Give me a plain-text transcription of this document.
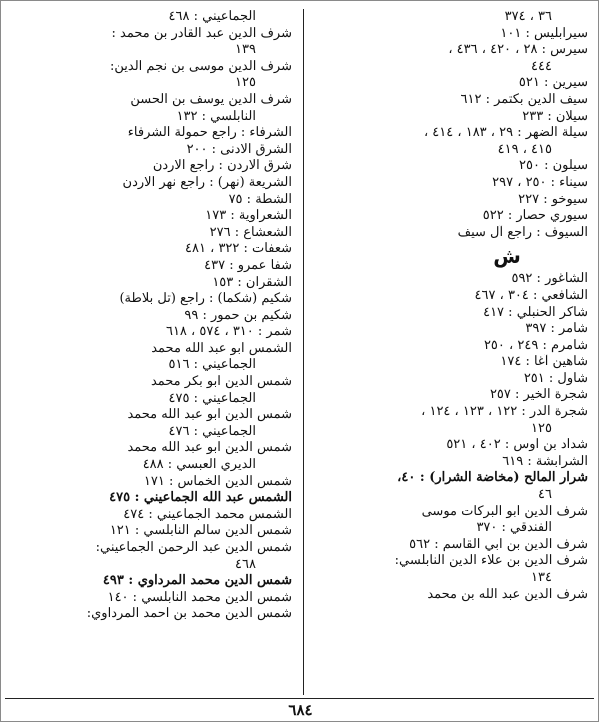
٣٦ ، ٣٧٤
سيرابليس : ١٠١
سيرس : ٢٨ ، ٤٢٠ ، ٤٣٦ ،
٤٤٤
سيرين : ٥٢١
سيف الدين بكتمر : ٦١٢
سيلان : ٢٣٣
سيلة الضهر : ٢٩ ، ١٨٣ ، ٤١٤ ،
٤١٥ ، ٤١٩
سيلون : ٢٥٠
سيناء : ٢٥٠ ، ٢٩٧
سيوخو : ٢٢٧
سيوري حصار : ٥٢٢
السيوف : راجع آل سيف
ش
الشاغور : ٥٩٢
الشافعي : ٣٠٤ ، ٤٦٧
شاكر الحنبلي : ٤١٧
شامر : ٣٩٧
شامرم : ٢٤٩ ، ٢٥٠
شاهين آغا : ١٧٤
شاول : ٢٥١
شجرة الخير : ٢٥٧
شجرة الدر : ١٢٢ ، ١٢٣ ، ١٢٤ ،
١٢٥
شداد بن اوس : ٤٠٢ ، ٥٢١
الشرابشة : ٦١٩
شرار المالح (مخاضة الشرار) : ٤٠،
٤٦
شرف الدين ابو البركات موسى
الفندقي : ٣٧٠
شرف الدين بن ابي القاسم : ٥٦٢
شرف الدين بن علاء الدين النابلسي:
١٣٤
شرف الدين عبد الله بن محمد
الجماعيني : ٤٦٨
شرف الدين عبد القادر بن محمد :
١٣٩
شرف الدين موسى بن نجم الدين:
١٢٥
شرف الدين يوسف بن الحسن
النابلسي : ١٣٢
الشرفاء : راجع حمولة الشرفاء
الشرق الادنى : ٢٠٠
شرق الاردن : راجع الاردن
الشريعة (نهر) : راجع نهر الاردن
الشطة : ٧٥
الشعراوية : ١٧٣
الشعشاع : ٢٧٦
شعفات : ٣٢٢ ، ٤٨١
شفا عمرو : ٤٣٧
الشقران : ١٥٣
شكيم (شكما) : راجع (تل بلاطة)
شكيم بن حمور : ٩٩
شمر : ٣١٠ ، ٥٧٤ ، ٦١٨
الشمس ابو عبد الله محمد
الجماعيني : ٥١٦
شمس الدين ابو بكر محمد
الجماعيني : ٤٧٥
شمس الدين ابو عبد الله محمد
الجماعيني : ٤٧٦
شمس الدين ابو عبد الله محمد
الديري العبسي : ٤٨٨
شمس الدين الخماس : ١٧١
الشمس عبد الله الجماعيني : ٤٧٥
الشمس محمد الجماعيني : ٤٧٤
شمس الدين سالم النابلسي : ١٢١
شمس الدين عبد الرحمن الجماعيني:
٤٦٨
شمس الدين محمد المرداوي : ٤٩٣
شمس الدين محمد النابلسي : ١٤٠
شمس الدين محمد بن احمد المرداوي:
٦٨٤
